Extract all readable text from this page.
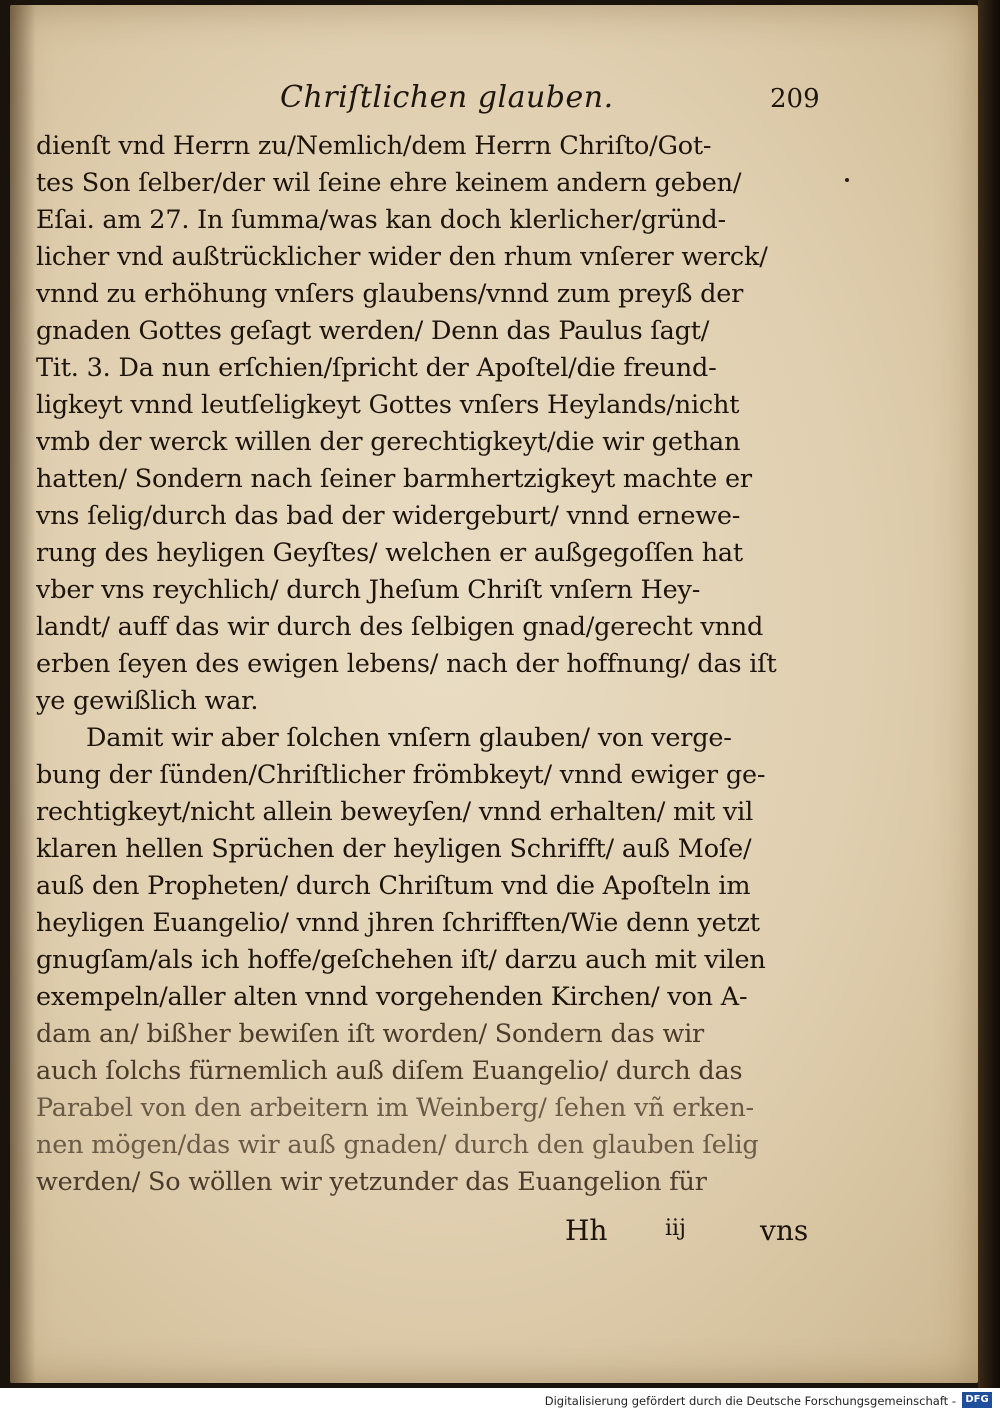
Chriſtlichen glauben.	209
dienſt vnd Herrn zu/Nemlich/dem Herrn Chriſto/Got-
tes Son ſelber/der wil ſeine ehre keinem andern geben/
Eſai. am 27. In ſumma/was kan doch klerlicher/gründ-
licher vnd außtrücklicher wider den rhum vnſerer werck/
vnnd zu erhöhung vnſers glaubens/vnnd zum preyß der
gnaden Gottes geſagt werden/ Denn das Paulus ſagt/
Tit. 3. Da nun erſchien/ſpricht der Apoſtel/die freund-
ligkeyt vnnd leutſeligkeyt Gottes vnſers Heylands/nicht
vmb der werck willen der gerechtigkeyt/die wir gethan
hatten/ Sondern nach ſeiner barmhertzigkeyt machte er
vns ſelig/durch das bad der widergeburt/ vnnd ernewe-
rung des heyligen Geyſtes/ welchen er außgegoſſen hat
vber vns reychlich/ durch Jheſum Chriſt vnſern Hey-
landt/ auff das wir durch des ſelbigen gnad/gerecht vnnd
erben ſeyen des ewigen lebens/ nach der hoffnung/ das iſt
ye gewißlich war.
Damit wir aber ſolchen vnſern glauben/ von verge-
bung der ſünden/Chriſtlicher frömbkeyt/ vnnd ewiger ge-
rechtigkeyt/nicht allein beweyſen/ vnnd erhalten/ mit vil
klaren hellen Sprüchen der heyligen Schrifft/ auß Moſe/
auß den Propheten/ durch Chriſtum vnd die Apoſteln im
heyligen Euangelio/ vnnd jhren ſchrifften/Wie denn yetzt
gnugſam/als ich hoffe/geſchehen iſt/ darzu auch mit vilen
exempeln/aller alten vnnd vorgehenden Kirchen/ von A-
dam an/ bißher bewiſen iſt worden/ Sondern das wir
auch ſolchs fürnemlich auß diſem Euangelio/ durch das
Parabel von den arbeitern im Weinberg/ ſehen vñ erken-
nen mögen/das wir auß gnaden/ durch den glauben ſelig
werden/ So wöllen wir yetzunder das Euangelion für
Hh	iij	vns
Digitalisierung gefördert durch die Deutsche Forschungsgemeinschaft - DFG
